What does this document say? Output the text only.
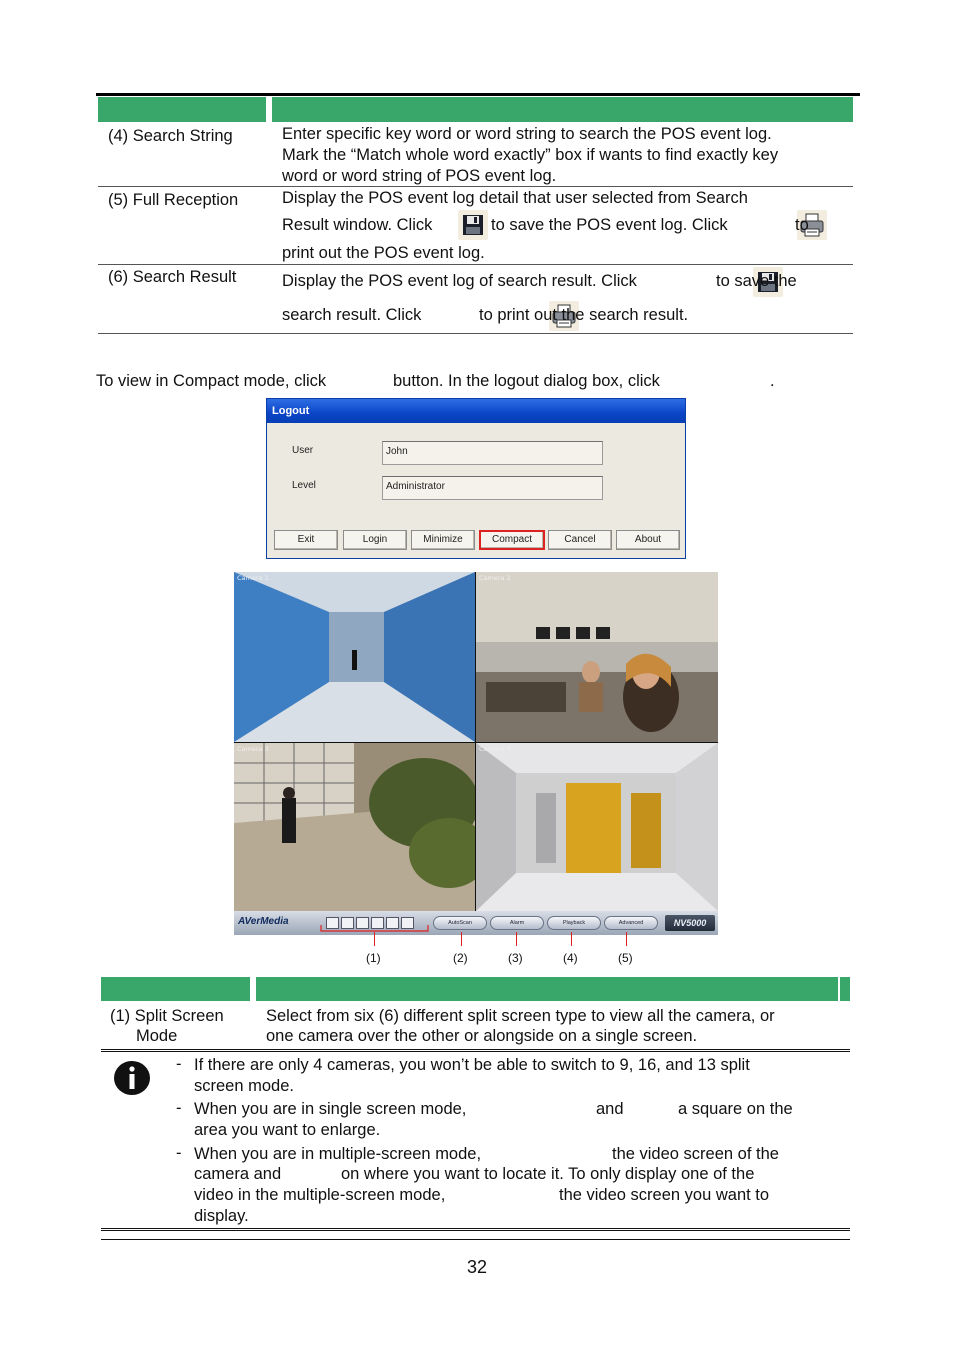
(4) Search String	Enter specific key word or word string to search the POS event log.
Mark the “Match whole word exactly” box if wants to find exactly key
word or word string of POS event log.
(5) Full Reception	Display the POS event log detail that user selected from Search
Result window. Click
	to save the POS event log. Click
	to
print out the POS event log.
(6) Search Result	Display the POS event log of search result. Click
	to save the
search result. Click	to print out the search result.
To view in Compact mode, click	button. In the logout dialog box, click	.
Logout
User	John
Level	Administrator
Exit	Login	Minimize	Compact	Cancel	About
Camera 1	Camera 2
Camera 3	Camera 4
AVerMedia	AutoScan	Alarm	Playback	Advanced	NV5000
(1)	(2)	(3)	(4)	(5)
(1) Split Screen
Mode
Select from six (6) different split screen type to view all the camera, or
one camera over the other or alongside on a single screen.
- If there are only 4 cameras, you won’t be able to switch to 9, 16, and 13 split
screen mode.
- When you are in single screen mode,	and	a square on the
area you want to enlarge.
- When you are in multiple-screen mode,	the video screen of the
camera and	on where you want to locate it. To only display one of the
video in the multiple-screen mode,	the video screen you want to
display.
32
